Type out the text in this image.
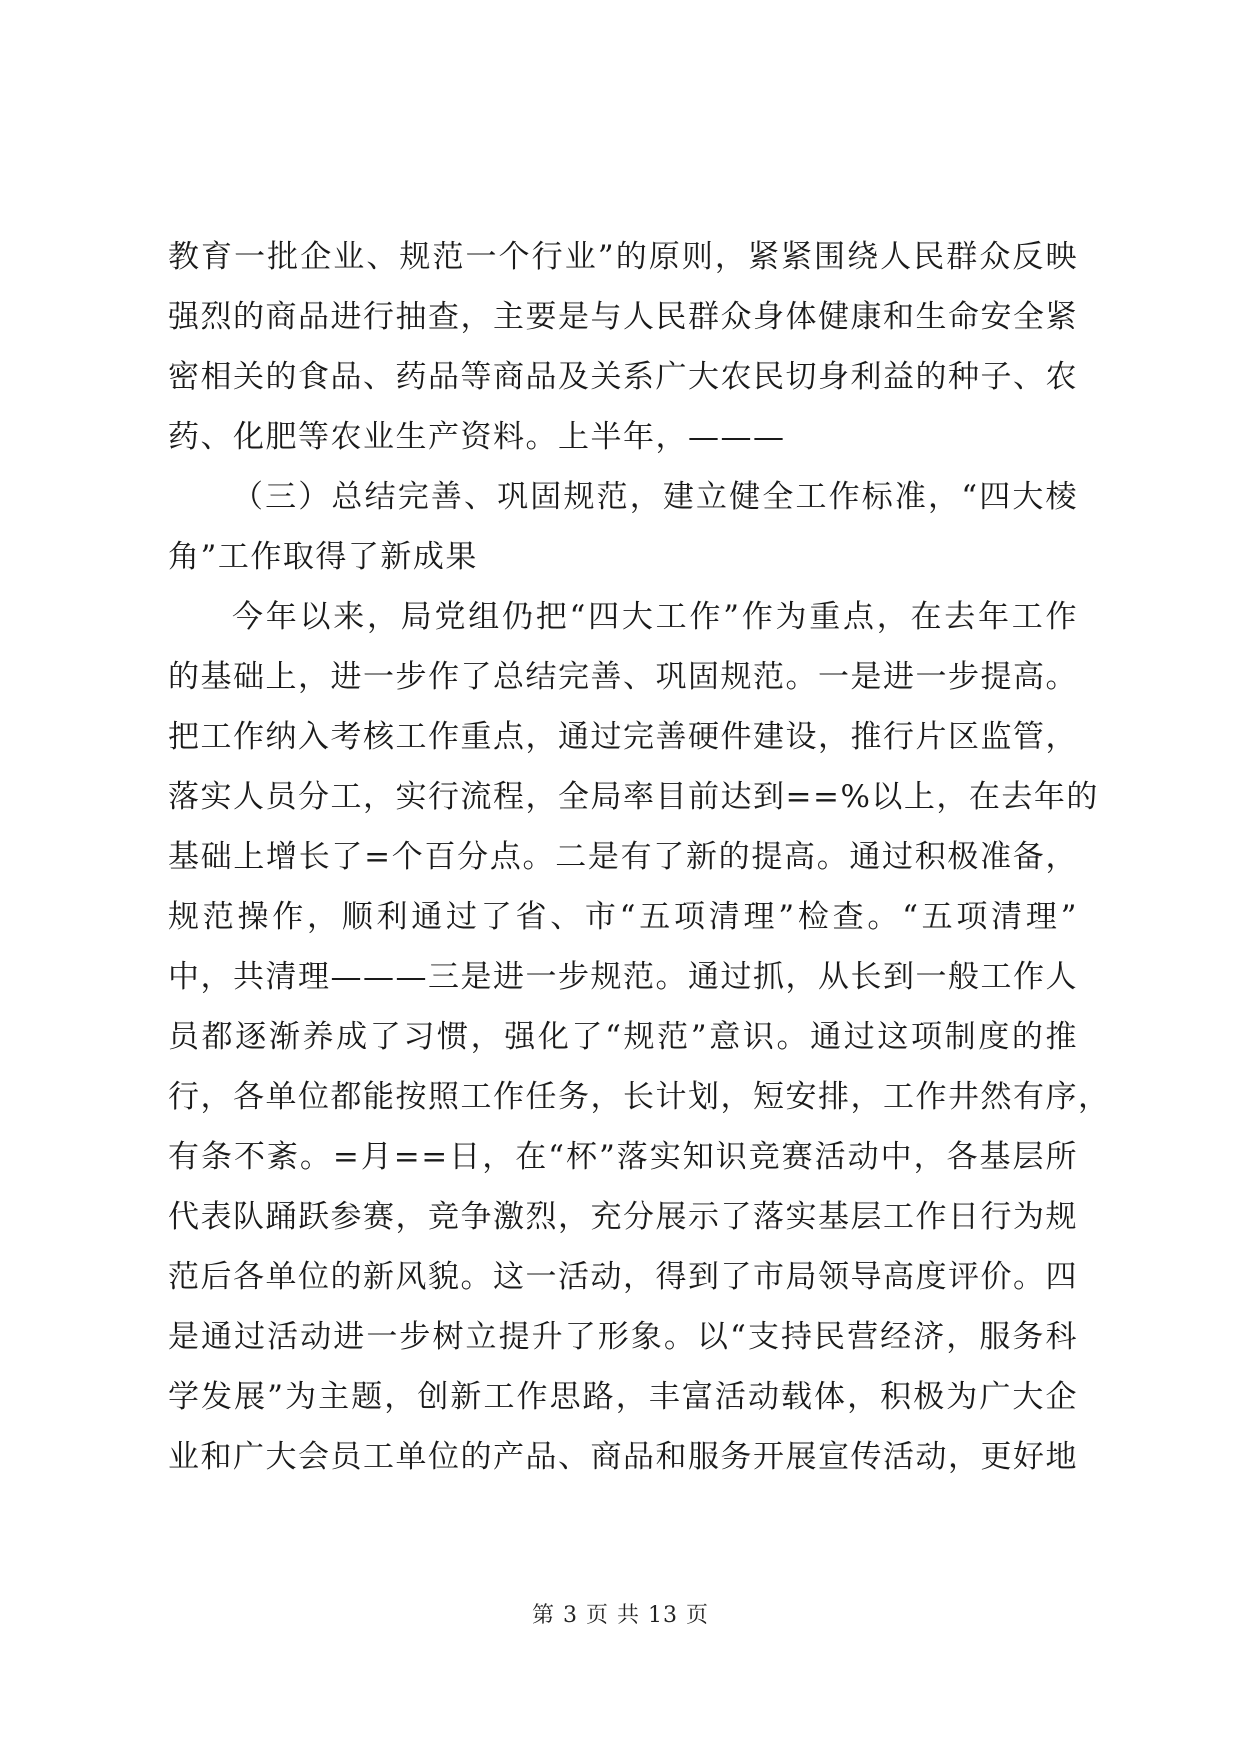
教育一批企业、规范一个行业”的原则，紧紧围绕人民群众反映
强烈的商品进行抽查，主要是与人民群众身体健康和生命安全紧
密相关的食品、药品等商品及关系广大农民切身利益的种子、农
药、化肥等农业生产资料。上半年，———
（三）总结完善、巩固规范，建立健全工作标准，“四大棱
角”工作取得了新成果
今年以来，局党组仍把“四大工作”作为重点，在去年工作
的基础上，进一步作了总结完善、巩固规范。一是进一步提高。
把工作纳入考核工作重点，通过完善硬件建设，推行片区监管，
落实人员分工，实行流程，全局率目前达到==%以上，在去年的
基础上增长了=个百分点。二是有了新的提高。通过积极准备，
规范操作，顺利通过了省、市“五项清理”检查。“五项清理”
中，共清理———三是进一步规范。通过抓，从长到一般工作人
员都逐渐养成了习惯，强化了“规范”意识。通过这项制度的推
行，各单位都能按照工作任务，长计划，短安排，工作井然有序，
有条不紊。=月==日，在“杯”落实知识竞赛活动中，各基层所
代表队踊跃参赛，竞争激烈，充分展示了落实基层工作日行为规
范后各单位的新风貌。这一活动，得到了市局领导高度评价。四
是通过活动进一步树立提升了形象。以“支持民营经济，服务科
学发展”为主题，创新工作思路，丰富活动载体，积极为广大企
业和广大会员工单位的产品、商品和服务开展宣传活动，更好地
第 3 页 共 13 页
